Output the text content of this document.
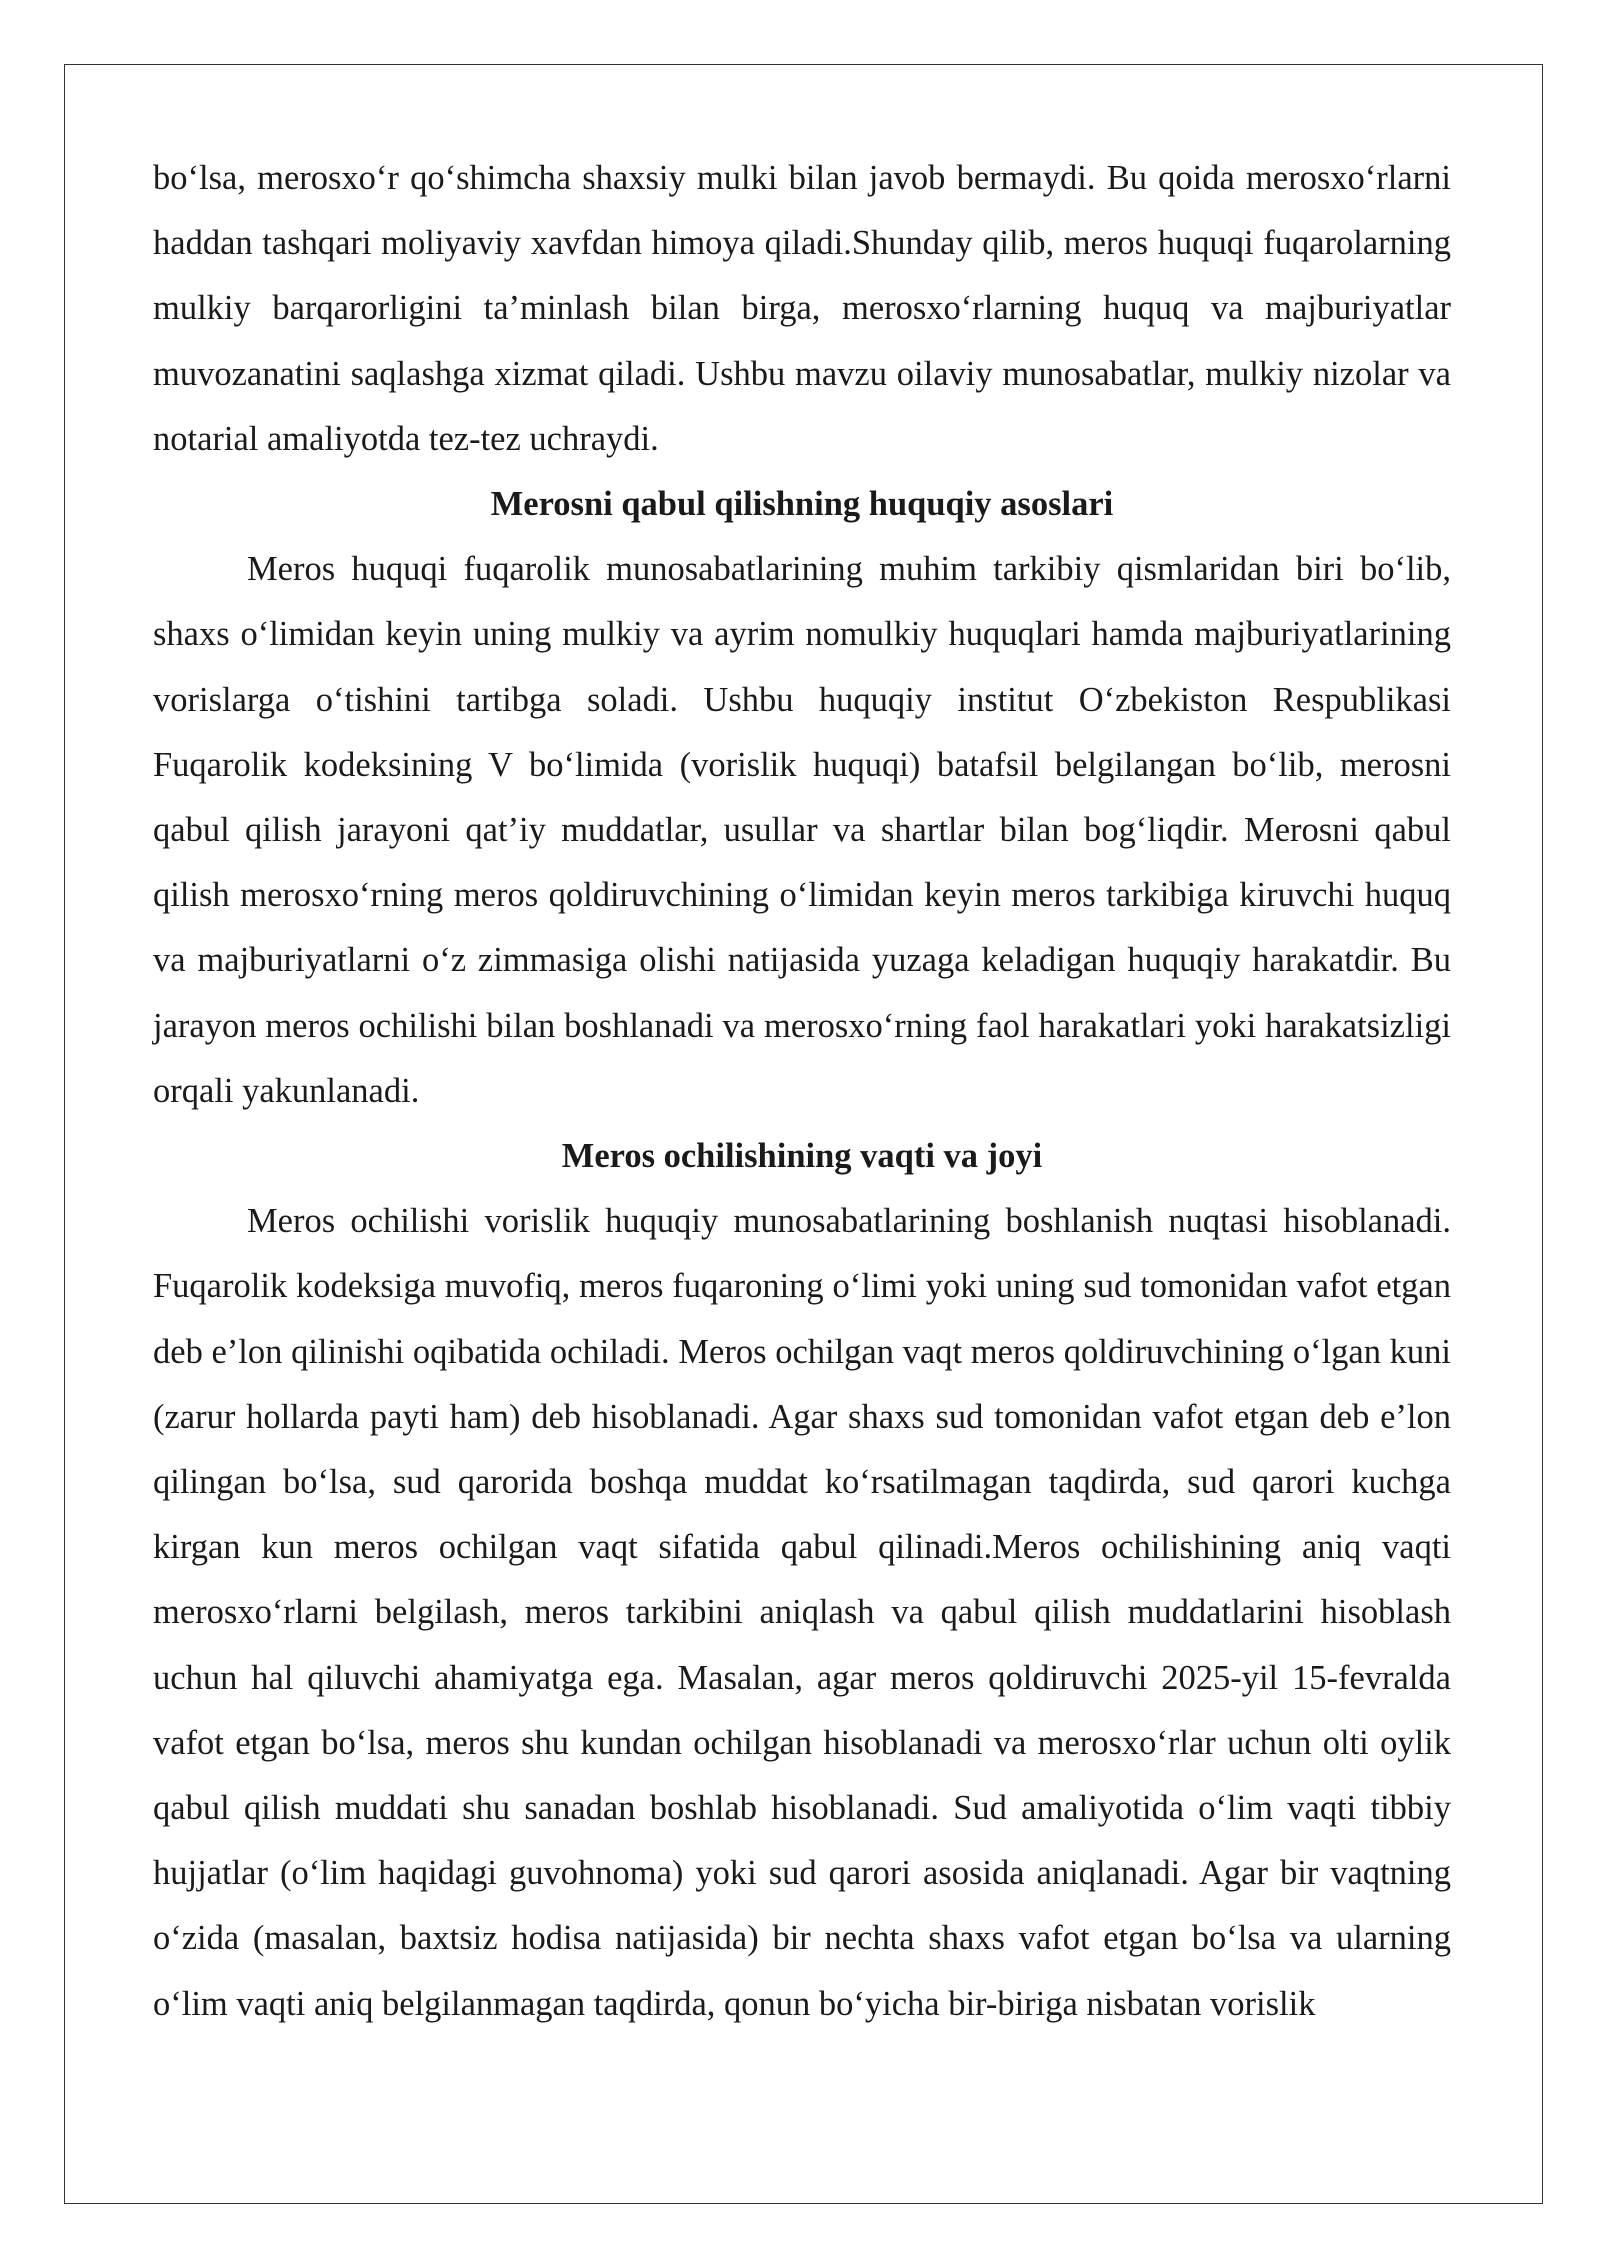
bo‘lsa, merosxo‘r qo‘shimcha shaxsiy mulki bilan javob bermaydi. Bu qoida merosxo‘rlarni haddan tashqari moliyaviy xavfdan himoya qiladi.Shunday qilib, meros huquqi fuqarolarning mulkiy barqarorligini ta’minlash bilan birga, merosxo‘rlarning huquq va majburiyatlar muvozanatini saqlashga xizmat qiladi. Ushbu mavzu oilaviy munosabatlar, mulkiy nizolar va notarial amaliyotda tez-tez uchraydi.

Merosni qabul qilishning huquqiy asoslari

Meros huquqi fuqarolik munosabatlarining muhim tarkibiy qismlaridan biri bo‘lib, shaxs o‘limidan keyin uning mulkiy va ayrim nomulkiy huquqlari hamda majburiyatlarining vorislarga o‘tishini tartibga soladi. Ushbu huquqiy institut O‘zbekiston Respublikasi Fuqarolik kodeksining V bo‘limida (vorislik huquqi) batafsil belgilangan bo‘lib, merosni qabul qilish jarayoni qat’iy muddatlar, usullar va shartlar bilan bog‘liqdir. Merosni qabul qilish merosxo‘rning meros qoldiruvchining o‘limidan keyin meros tarkibiga kiruvchi huquq va majburiyatlarni o‘z zimmasiga olishi natijasida yuzaga keladigan huquqiy harakatdir. Bu jarayon meros ochilishi bilan boshlanadi va merosxo‘rning faol harakatlari yoki harakatsizligi orqali yakunlanadi.

Meros ochilishining vaqti va joyi

Meros ochilishi vorislik huquqiy munosabatlarining boshlanish nuqtasi hisoblanadi. Fuqarolik kodeksiga muvofiq, meros fuqaroning o‘limi yoki uning sud tomonidan vafot etgan deb e’lon qilinishi oqibatida ochiladi. Meros ochilgan vaqt meros qoldiruvchining o‘lgan kuni (zarur hollarda payti ham) deb hisoblanadi. Agar shaxs sud tomonidan vafot etgan deb e’lon qilingan bo‘lsa, sud qarorida boshqa muddat ko‘rsatilmagan taqdirda, sud qarori kuchga kirgan kun meros ochilgan vaqt sifatida qabul qilinadi.Meros ochilishining aniq vaqti merosxo‘rlarni belgilash, meros tarkibini aniqlash va qabul qilish muddatlarini hisoblash uchun hal qiluvchi ahamiyatga ega. Masalan, agar meros qoldiruvchi 2025-yil 15-fevralda vafot etgan bo‘lsa, meros shu kundan ochilgan hisoblanadi va merosxo‘rlar uchun olti oylik qabul qilish muddati shu sanadan boshlab hisoblanadi. Sud amaliyotida o‘lim vaqti tibbiy hujjatlar (o‘lim haqidagi guvohnoma) yoki sud qarori asosida aniqlanadi. Agar bir vaqtning o‘zida (masalan, baxtsiz hodisa natijasida) bir nechta shaxs vafot etgan bo‘lsa va ularning o‘lim vaqti aniq belgilanmagan taqdirda, qonun bo‘yicha bir-biriga nisbatan vorislik
